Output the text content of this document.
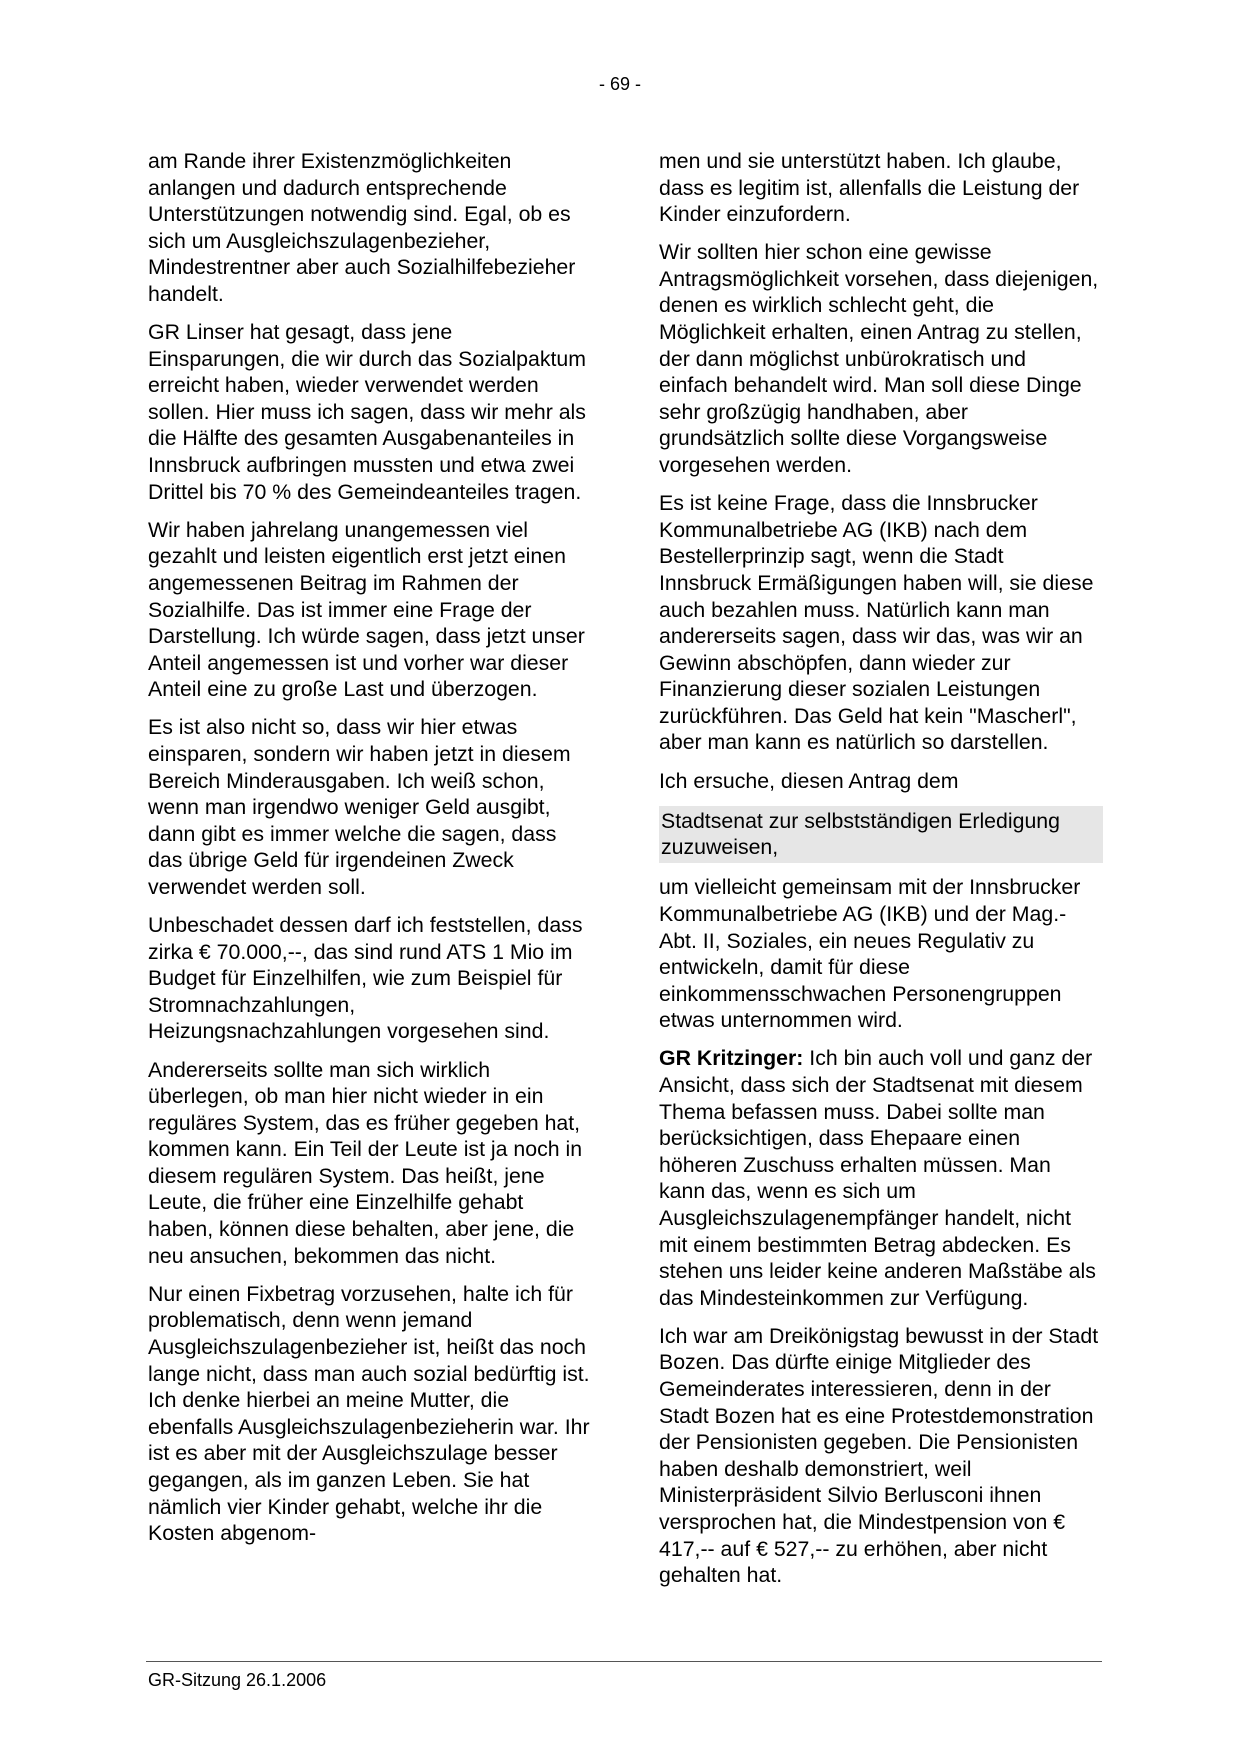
- 69 -

am Rande ihrer Existenzmöglichkeiten anlangen und dadurch entsprechende Unterstützungen notwendig sind. Egal, ob es sich um Ausgleichszulagenbezieher, Mindestrentner aber auch Sozialhilfebezieher handelt.

GR Linser hat gesagt, dass jene Einsparungen, die wir durch das Sozialpaktum erreicht haben, wieder verwendet werden sollen. Hier muss ich sagen, dass wir mehr als die Hälfte des gesamten Ausgabenanteiles in Innsbruck aufbringen mussten und etwa zwei Drittel bis 70 % des Gemeindeanteiles tragen.

Wir haben jahrelang unangemessen viel gezahlt und leisten eigentlich erst jetzt einen angemessenen Beitrag im Rahmen der Sozialhilfe. Das ist immer eine Frage der Darstellung. Ich würde sagen, dass jetzt unser Anteil angemessen ist und vorher war dieser Anteil eine zu große Last und überzogen.

Es ist also nicht so, dass wir hier etwas einsparen, sondern wir haben jetzt in diesem Bereich Minderausgaben. Ich weiß schon, wenn man irgendwo weniger Geld ausgibt, dann gibt es immer welche die sagen, dass das übrige Geld für irgendeinen Zweck verwendet werden soll.

Unbeschadet dessen darf ich feststellen, dass zirka € 70.000,--, das sind rund ATS 1 Mio im Budget für Einzelhilfen, wie zum Beispiel für Stromnachzahlungen, Heizungsnachzahlungen vorgesehen sind.

Andererseits sollte man sich wirklich überlegen, ob man hier nicht wieder in ein reguläres System, das es früher gegeben hat, kommen kann. Ein Teil der Leute ist ja noch in diesem regulären System. Das heißt, jene Leute, die früher eine Einzelhilfe gehabt haben, können diese behalten, aber jene, die neu ansuchen, bekommen das nicht.

Nur einen Fixbetrag vorzusehen, halte ich für problematisch, denn wenn jemand Ausgleichszulagenbezieher ist, heißt das noch lange nicht, dass man auch sozial bedürftig ist. Ich denke hierbei an meine Mutter, die ebenfalls Ausgleichszulagenbezieherin war. Ihr ist es aber mit der Ausgleichszulage besser gegangen, als im ganzen Leben. Sie hat nämlich vier Kinder gehabt, welche ihr die Kosten abgenom-

men und sie unterstützt haben. Ich glaube, dass es legitim ist, allenfalls die Leistung der Kinder einzufordern.

Wir sollten hier schon eine gewisse Antragsmöglichkeit vorsehen, dass diejenigen, denen es wirklich schlecht geht, die Möglichkeit erhalten, einen Antrag zu stellen, der dann möglichst unbürokratisch und einfach behandelt wird. Man soll diese Dinge sehr großzügig handhaben, aber grundsätzlich sollte diese Vorgangsweise vorgesehen werden.

Es ist keine Frage, dass die Innsbrucker Kommunalbetriebe AG (IKB) nach dem Bestellerprinzip sagt, wenn die Stadt Innsbruck Ermäßigungen haben will, sie diese auch bezahlen muss. Natürlich kann man andererseits sagen, dass wir das, was wir an Gewinn abschöpfen, dann wieder zur Finanzierung dieser sozialen Leistungen zurückführen. Das Geld hat kein "Mascherl", aber man kann es natürlich so darstellen.

Ich ersuche, diesen Antrag dem

Stadtsenat zur selbstständigen Erledigung zuzuweisen,

um vielleicht gemeinsam mit der Innsbrucker Kommunalbetriebe AG (IKB) und der Mag.-Abt. II, Soziales, ein neues Regulativ zu entwickeln, damit für diese einkommensschwachen Personengruppen etwas unternommen wird.

GR Kritzinger: Ich bin auch voll und ganz der Ansicht, dass sich der Stadtsenat mit diesem Thema befassen muss. Dabei sollte man berücksichtigen, dass Ehepaare einen höheren Zuschuss erhalten müssen. Man kann das, wenn es sich um Ausgleichszulagenempfänger handelt, nicht mit einem bestimmten Betrag abdecken. Es stehen uns leider keine anderen Maßstäbe als das Mindesteinkommen zur Verfügung.

Ich war am Dreikönigstag bewusst in der Stadt Bozen. Das dürfte einige Mitglieder des Gemeinderates interessieren, denn in der Stadt Bozen hat es eine Protestdemonstration der Pensionisten gegeben. Die Pensionisten haben deshalb demonstriert, weil Ministerpräsident Silvio Berlusconi ihnen versprochen hat, die Mindestpension von € 417,-- auf € 527,-- zu erhöhen, aber nicht gehalten hat.

GR-Sitzung 26.1.2006
